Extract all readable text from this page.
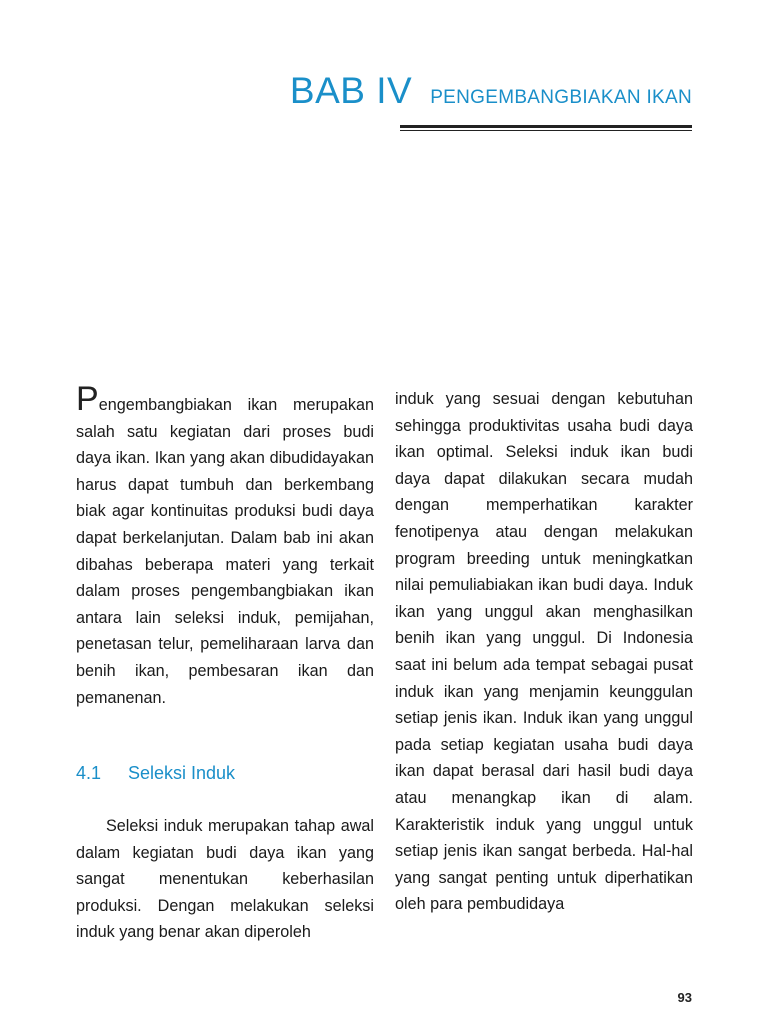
BAB IV PENGEMBANGBIAKAN IKAN

Pengembangbiakan ikan merupakan salah satu kegiatan dari proses budi daya ikan. Ikan yang akan dibudidayakan harus dapat tumbuh dan berkembang biak agar kontinuitas produksi budi daya dapat berkelanjutan. Dalam bab ini akan dibahas beberapa materi yang terkait dalam proses pengembangbiakan ikan antara lain seleksi induk, pemijahan, penetasan telur, pemeliharaan larva dan benih ikan, pembesaran ikan dan pemanenan.

4.1 Seleksi Induk

Seleksi induk merupakan tahap awal dalam kegiatan budi daya ikan yang sangat menentukan keberhasilan produksi. Dengan melakukan seleksi induk yang benar akan diperoleh

induk yang sesuai dengan kebutuhan sehingga produktivitas usaha budi daya ikan optimal. Seleksi induk ikan budi daya dapat dilakukan secara mudah dengan memperhatikan karakter fenotipenya atau dengan melakukan program breeding untuk meningkatkan nilai pemuliabiakan ikan budi daya. Induk ikan yang unggul akan menghasilkan benih ikan yang unggul. Di Indonesia saat ini belum ada tempat sebagai pusat induk ikan yang menjamin keunggulan setiap jenis ikan. Induk ikan yang unggul pada setiap kegiatan usaha budi daya ikan dapat berasal dari hasil budi daya atau menangkap ikan di alam. Karakteristik induk yang unggul untuk setiap jenis ikan sangat berbeda. Hal-hal yang sangat penting untuk diperhatikan oleh para pembudidaya

93
